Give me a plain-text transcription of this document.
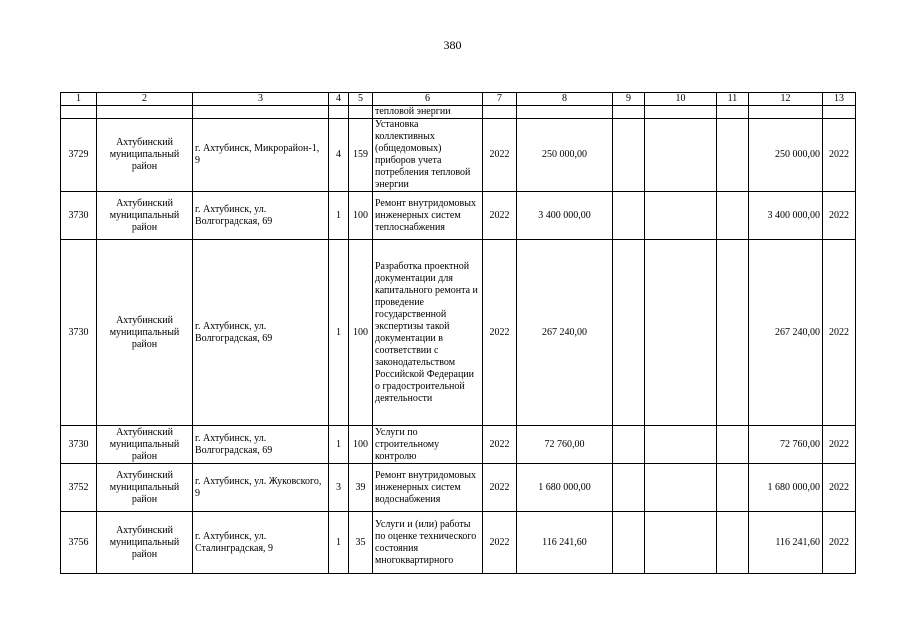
380
1	2	3	4	5	6	7	8	9	10	11	12	13
					тепловой энергии							
3729	Ахтубинский муниципальный район	г. Ахтубинск, Микрорайон-1, 9	4	159	Установка коллективных (общедомовых) приборов учета потребления тепловой энергии	2022	250 000,00				250 000,00	2022
3730	Ахтубинский муниципальный район	г. Ахтубинск, ул. Волгоградская, 69	1	100	Ремонт внутридомовых инженерных систем теплоснабжения	2022	3 400 000,00				3 400 000,00	2022
3730	Ахтубинский муниципальный район	г. Ахтубинск, ул. Волгоградская, 69	1	100	Разработка проектной документации для капитального ремонта и проведение государственной экспертизы такой документации в соответствии с законодательством Российской Федерации о градостроительной деятельности	2022	267 240,00				267 240,00	2022
3730	Ахтубинский муниципальный район	г. Ахтубинск, ул. Волгоградская, 69	1	100	Услуги по строительному контролю	2022	72 760,00				72 760,00	2022
3752	Ахтубинский муниципальный район	г. Ахтубинск, ул. Жуковского, 9	3	39	Ремонт внутридомовых инженерных систем водоснабжения	2022	1 680 000,00				1 680 000,00	2022
3756	Ахтубинский муниципальный район	г. Ахтубинск, ул. Сталинградская, 9	1	35	Услуги и (или) работы по оценке технического состояния многоквартирного	2022	116 241,60				116 241,60	2022
